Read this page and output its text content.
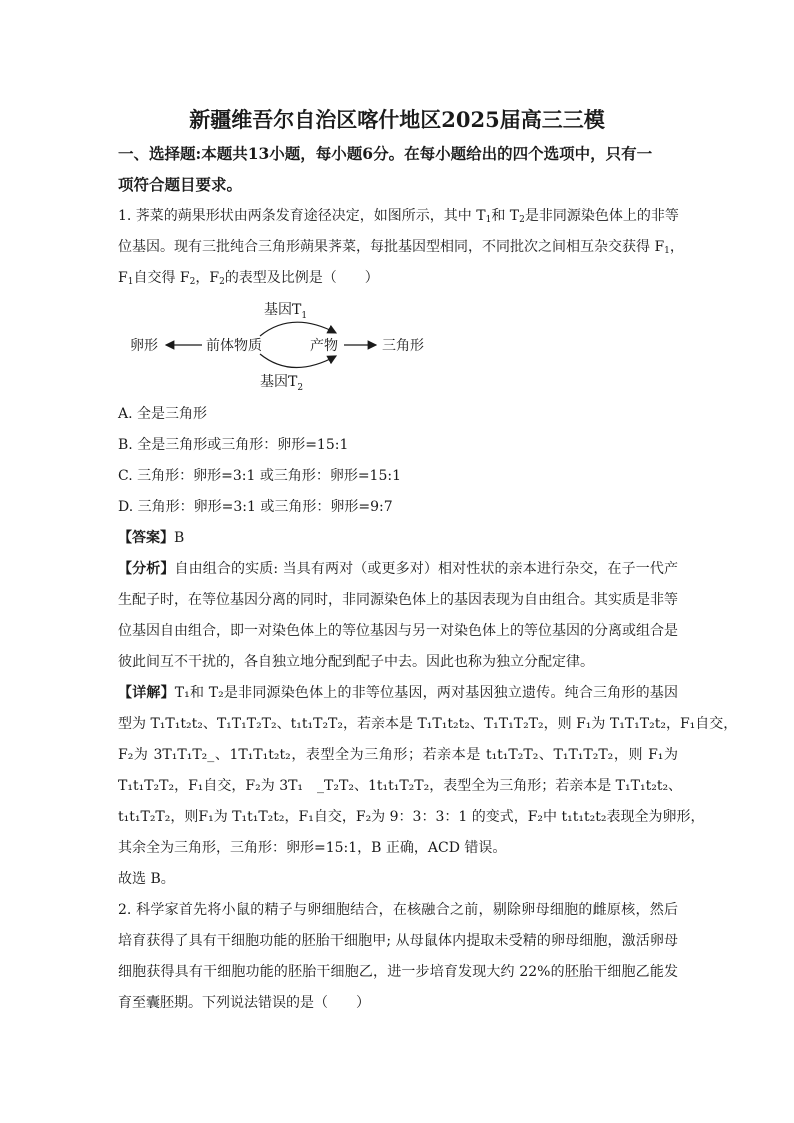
新疆维吾尔自治区喀什地区2025届高三三模
一、选择题:本题共13小题，每小题6分。在每小题给出的四个选项中，只有一
项符合题目要求。
1. 荠菜的蒴果形状由两条发育途径决定，如图所示，其中 $T_1$和 $T_2$是非同源染色体上的非等
位基因。现有三批纯合三角形蒴果荠菜，每批基因型相同，不同批次之间相互杂交获得 $F_1$，
$F_1$自交得 $F_2$，$F_2$的表型及比例是（　　）
卵形	前体物质
基因$T_1$
基因$T_2$
产物	三角形
A. 全是三角形
B. 全是三角形或三角形：卵形=15:1
C. 三角形：卵形=3:1 或三角形：卵形=15:1
D. 三角形：卵形=3:1 或三角形：卵形=9:7
【答案】B
【分析】自由组合的实质: 当具有两对（或更多对）相对性状的亲本进行杂交，在子一代产
生配子时，在等位基因分离的同时，非同源染色体上的基因表现为自由组合。其实质是非等
位基因自由组合，即一对染色体上的等位基因与另一对染色体上的等位基因的分离或组合是
彼此间互不干扰的，各自独立地分配到配子中去。因此也称为独立分配定律。
【详解】T₁和 T₂是非同源染色体上的非等位基因，两对基因独立遗传。纯合三角形的基因
型为 T₁T₁t₂t₂、T₁T₁T₂T₂、t₁t₁T₂T₂，若亲本是 T₁T₁t₂t₂、T₁T₁T₂T₂，则 F₁为 T₁T₁T₂t₂，F₁自交，
F₂为 3T₁T₁T₂_、1T₁T₁t₂t₂，表型全为三角形；若亲本是 t₁t₁T₂T₂、T₁T₁T₂T₂，则 F₁为
T₁t₁T₂T₂，F₁自交，F₂为 3T₁　_T₂T₂、1t₁t₁T₂T₂，表型全为三角形；若亲本是 T₁T₁t₂t₂、
t₁t₁T₂T₂，则F₁为 T₁t₁T₂t₂，F₁自交，F₂为 9：3：3：1 的变式，F₂中 t₁t₁t₂t₂表现全为卵形，
其余全为三角形，三角形：卵形=15:1，B 正确，ACD 错误。
故选 B。
2. 科学家首先将小鼠的精子与卵细胞结合，在核融合之前，剔除卵母细胞的雌原核，然后
培育获得了具有干细胞功能的胚胎干细胞甲; 从母鼠体内提取未受精的卵母细胞，激活卵母
细胞获得具有干细胞功能的胚胎干细胞乙，进一步培育发现大约 22%的胚胎干细胞乙能发
育至囊胚期。下列说法错误的是（　　）
